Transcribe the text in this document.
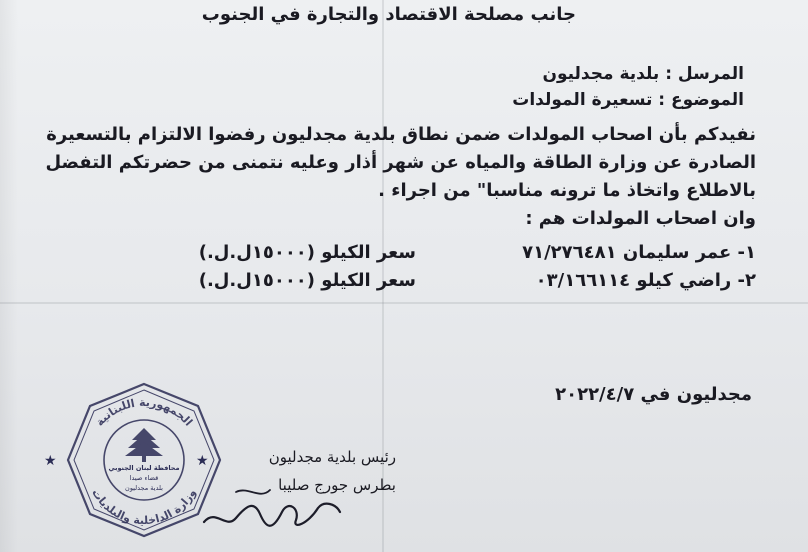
جانب مصلحة الاقتصاد والتجارة في الجنوب
المرسل : بلدية مجدليون
الموضوع : تسعيرة المولدات
نفيدكم بأن اصحاب المولدات ضمن نطاق بلدية مجدليون رفضوا الالتزام بالتسعيرة
الصادرة عن وزارة الطاقة والمياه عن شهر أذار وعليه نتمنى من حضرتكم التفضل
بالاطلاع واتخاذ ما ترونه مناسبا" من اجراء .
وان اصحاب المولدات هم :
١- عمر سليمان ٧١/٢٧٦٤٨١
سعر الكيلو (١٥٠٠٠ل.ل.)
٢- راضي كيلو ٠٣/١٦٦١١٤
سعر الكيلو (١٥٠٠٠ل.ل.)
مجدليون في ٢٠٢٢/٤/٧
رئيس بلدية مجدليون
بطرس جورج صليبا
الجمهورية اللبنانية
وزارة الداخلية والبلديات
محافظة لبنان الجنوبي
قضاء صيدا
بلدية مجدليون
★	★
